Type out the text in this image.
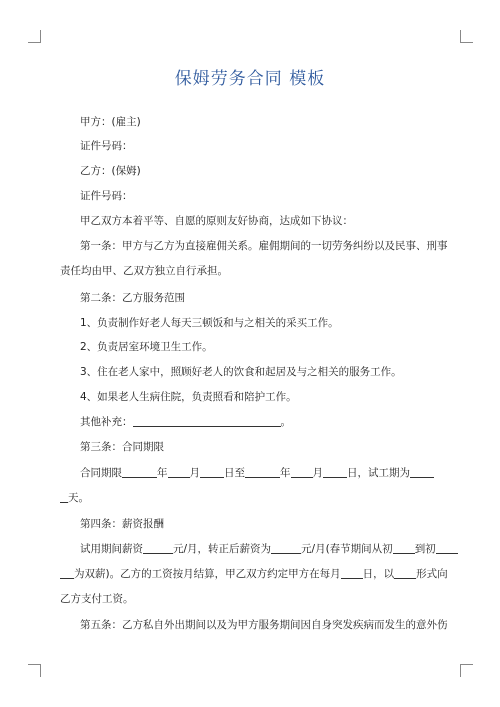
保姆劳务合同 模板
甲方：(雇主)
证件号码：
乙方：(保姆)
证件号码：
甲乙双方本着平等、自愿的原则友好协商，达成如下协议：
第一条：甲方与乙方为直接雇佣关系。雇佣期间的一切劳务纠纷以及民事、刑事
责任均由甲、乙双方独立自行承担。
第二条：乙方服务范围
1、负责制作好老人每天三顿饭和与之相关的采买工作。
2、负责居室环境卫生工作。
3、住在老人家中，照顾好老人的饮食和起居及与之相关的服务工作。
4、如果老人生病住院，负责照看和陪护工作。
其他补充：	。
第三条：合同期限
合同期限	年 月 日至	年 月 日，试工期为
天。
第四条：薪资报酬
试用期间薪资	元/月，转正后薪资为	元/月(春节期间从初 到初
为双薪)。乙方的工资按月结算，甲乙双方约定甲方在每月 日，以 形式向
乙方支付工资。
第五条：乙方私自外出期间以及为甲方服务期间因自身突发疾病而发生的意外伤
